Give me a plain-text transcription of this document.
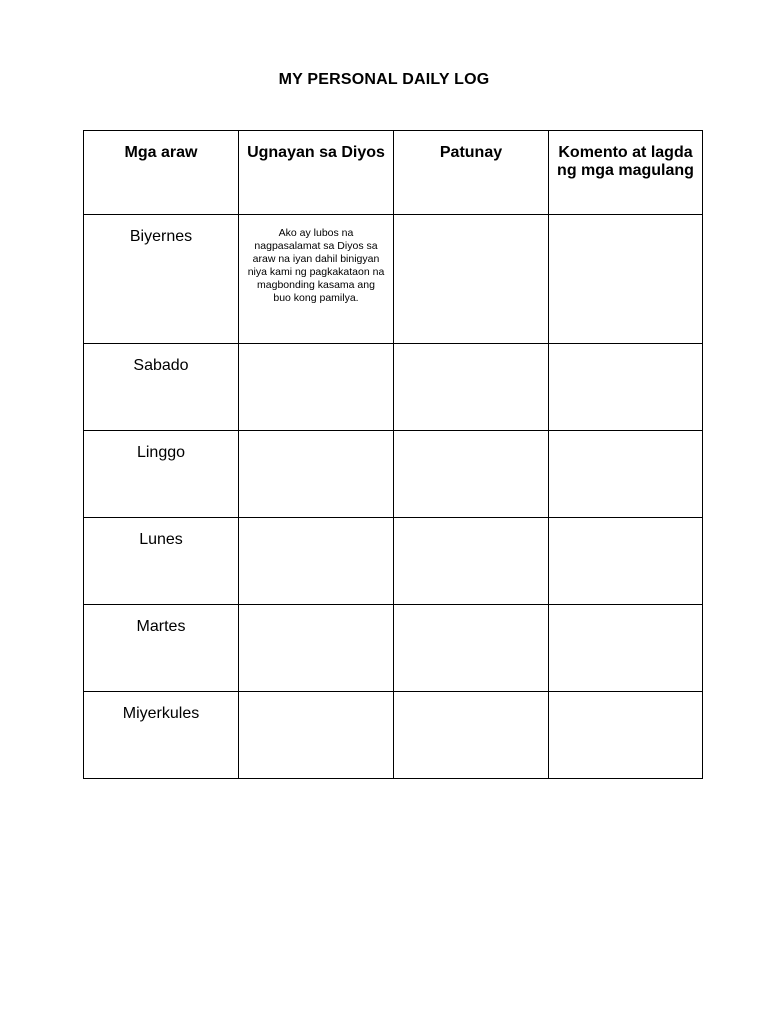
MY PERSONAL DAILY LOG
Mga araw	Ugnayan sa Diyos	Patunay	Komento at lagda ng mga magulang
Biyernes	Ako ay lubos na nagpasalamat sa Diyos sa araw na iyan dahil binigyan niya kami ng pagkakataon na magbonding kasama ang buo kong pamilya.		
Sabado			
Linggo			
Lunes			
Martes			
Miyerkules			
